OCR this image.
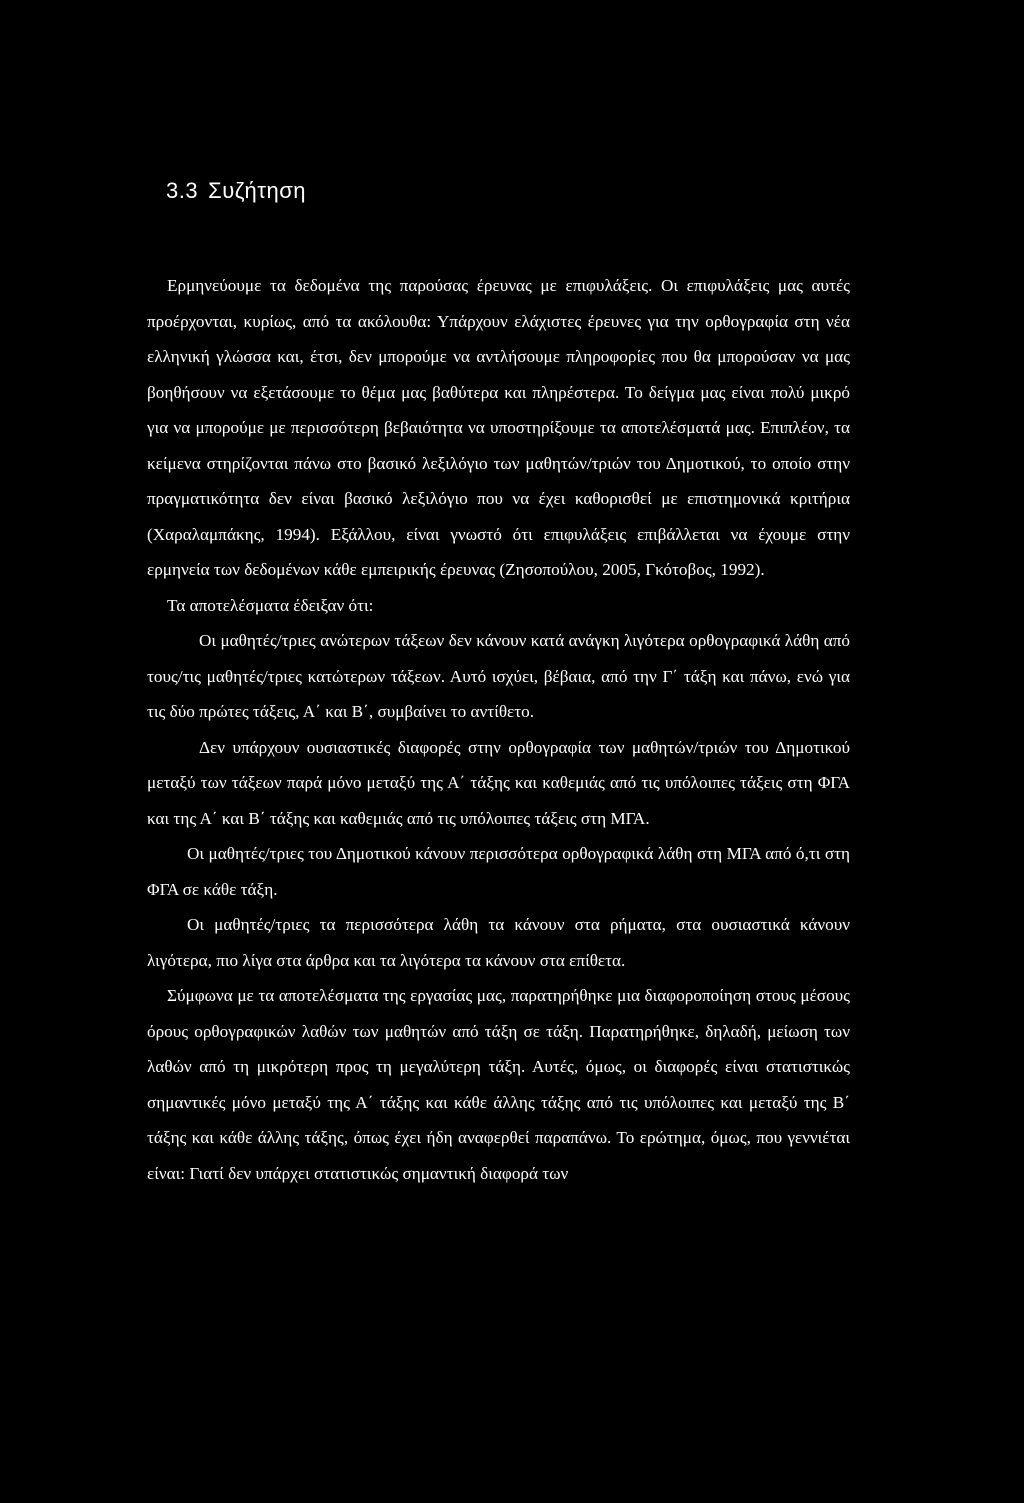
3.3 Συζήτηση

Ερμηνεύουμε τα δεδομένα της παρούσας έρευνας με επιφυλάξεις. Οι επιφυλάξεις μας αυτές προέρχονται, κυρίως, από τα ακόλουθα: Υπάρχουν ελάχιστες έρευνες για την ορθογραφία στη νέα ελληνική γλώσσα και, έτσι, δεν μπορούμε να αντλήσουμε πληροφορίες που θα μπορούσαν να μας βοηθήσουν να εξετάσουμε το θέμα μας βαθύτερα και πληρέστερα. Το δείγμα μας είναι πολύ μικρό για να μπορούμε με περισσότερη βεβαιότητα να υποστηρίξουμε τα αποτελέσματά μας. Επιπλέον, τα κείμενα στηρίζονται πάνω στο βασικό λεξιλόγιο των μαθητών/τριών του Δημοτικού, το οποίο στην πραγματικότητα δεν είναι βασικό λεξιλόγιο που να έχει καθορισθεί με επιστημονικά κριτήρια (Χαραλαμπάκης, 1994). Εξάλλου, είναι γνωστό ότι επιφυλάξεις επιβάλλεται να έχουμε στην ερμηνεία των δεδομένων κάθε εμπειρικής έρευνας (Ζησοπούλου, 2005, Γκότοβος, 1992).

Τα αποτελέσματα έδειξαν ότι:

Οι μαθητές/τριες ανώτερων τάξεων δεν κάνουν κατά ανάγκη λιγότερα ορθογραφικά λάθη από τους/τις μαθητές/τριες κατώτερων τάξεων. Αυτό ισχύει, βέβαια, από την Γ΄ τάξη και πάνω, ενώ για τις δύο πρώτες τάξεις, Α΄ και Β΄, συμβαίνει το αντίθετο.

Δεν υπάρχουν ουσιαστικές διαφορές στην ορθογραφία των μαθητών/τριών του Δημοτικού μεταξύ των τάξεων παρά μόνο μεταξύ της Α΄ τάξης και καθεμιάς από τις υπόλοιπες τάξεις στη ΦΓΑ και της Α΄ και Β΄ τάξης και καθεμιάς από τις υπόλοιπες τάξεις στη ΜΓΑ.

Οι μαθητές/τριες του Δημοτικού κάνουν περισσότερα ορθογραφικά λάθη στη ΜΓΑ από ό,τι στη ΦΓΑ σε κάθε τάξη.

Οι μαθητές/τριες τα περισσότερα λάθη τα κάνουν στα ρήματα, στα ουσιαστικά κάνουν λιγότερα, πιο λίγα στα άρθρα και τα λιγότερα τα κάνουν στα επίθετα.

Σύμφωνα με τα αποτελέσματα της εργασίας μας, παρατηρήθηκε μια διαφοροποίηση στους μέσους όρους ορθογραφικών λαθών των μαθητών από τάξη σε τάξη. Παρατηρήθηκε, δηλαδή, μείωση των λαθών από τη μικρότερη προς τη μεγαλύτερη τάξη. Αυτές, όμως, οι διαφορές είναι στατιστικώς σημαντικές μόνο μεταξύ της Α΄ τάξης και κάθε άλλης τάξης από τις υπόλοιπες και μεταξύ της Β΄ τάξης και κάθε άλλης τάξης, όπως έχει ήδη αναφερθεί παραπάνω. Το ερώτημα, όμως, που γεννιέται είναι: Γιατί δεν υπάρχει στατιστικώς σημαντική διαφορά των
